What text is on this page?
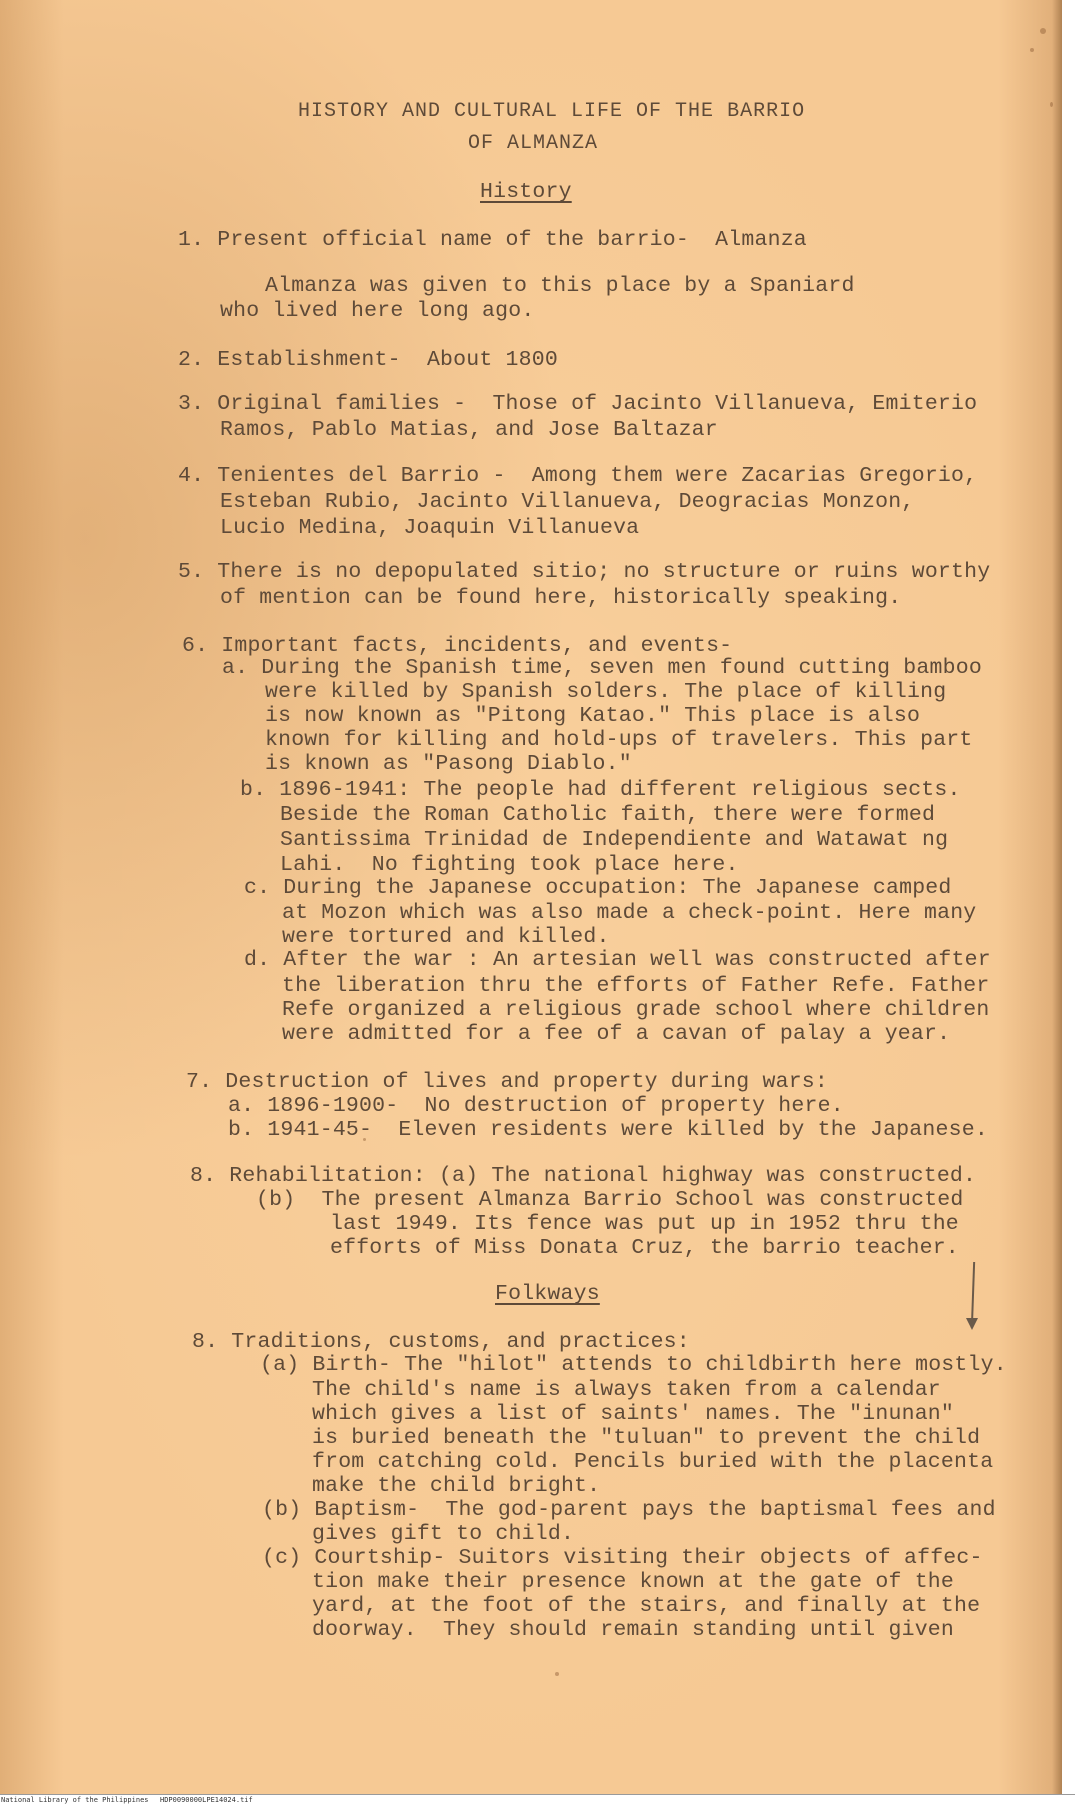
HISTORY AND CULTURAL LIFE OF THE BARRIO
OF ALMANZA
History
1. Present official name of the barrio-  Almanza
Almanza was given to this place by a Spaniard
who lived here long ago.
2. Establishment-  About 1800
3. Original families -  Those of Jacinto Villanueva, Emiterio
Ramos, Pablo Matias, and Jose Baltazar
4. Tenientes del Barrio -  Among them were Zacarias Gregorio,
Esteban Rubio, Jacinto Villanueva, Deogracias Monzon,
Lucio Medina, Joaquin Villanueva
5. There is no depopulated sitio; no structure or ruins worthy
of mention can be found here, historically speaking.
6. Important facts, incidents, and events-
a. During the Spanish time, seven men found cutting bamboo
were killed by Spanish solders. The place of killing
is now known as "Pitong Katao." This place is also
known for killing and hold-ups of travelers. This part
is known as "Pasong Diablo."
b. 1896-1941: The people had different religious sects.
Beside the Roman Catholic faith, there were formed
Santissima Trinidad de Independiente and Watawat ng
Lahi.  No fighting took place here.
c. During the Japanese occupation: The Japanese camped
at Mozon which was also made a check-point. Here many
were tortured and killed.
d. After the war : An artesian well was constructed after
the liberation thru the efforts of Father Refe. Father
Refe organized a religious grade school where children
were admitted for a fee of a cavan of palay a year.
7. Destruction of lives and property during wars:
a. 1896-1900-  No destruction of property here.
b. 1941-45-  Eleven residents were killed by the Japanese.
8. Rehabilitation: (a) The national highway was constructed.
(b)  The present Almanza Barrio School was constructed
last 1949. Its fence was put up in 1952 thru the
efforts of Miss Donata Cruz, the barrio teacher.
Folkways
8. Traditions, customs, and practices:
(a) Birth- The "hilot" attends to childbirth here mostly.
The child's name is always taken from a calendar
which gives a list of saints' names. The "inunan"
is buried beneath the "tuluan" to prevent the child
from catching cold. Pencils buried with the placenta
make the child bright.
(b) Baptism-  The god-parent pays the baptismal fees and
gives gift to child.
(c) Courtship- Suitors visiting their objects of affec-
tion make their presence known at the gate of the
yard, at the foot of the stairs, and finally at the
doorway.  They should remain standing until given
National Library of the Philippines HDP0090000LPE14024.tif
